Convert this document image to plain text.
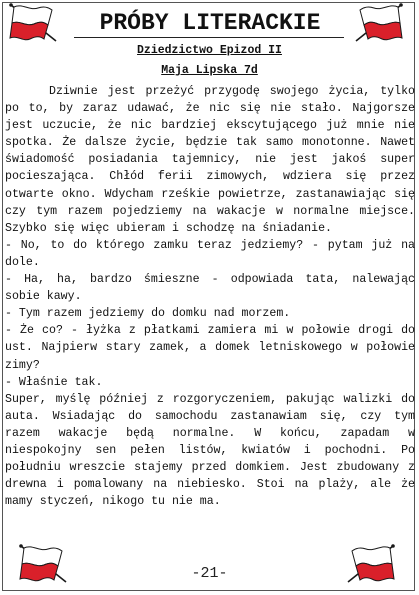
PRÓBY LITERACKIE
Dziedzictwo Epizod II
Maja Lipska 7d

Dziwnie jest przeżyć przygodę swojego życia, tylko po to, by zaraz udawać, że nic się nie stało. Najgorsze jest uczucie, że nic bardziej ekscytującego już mnie nie spotka. Że dalsze życie, będzie tak samo monotonne. Nawet świadomość posiadania tajemnicy, nie jest jakoś super pocieszająca. Chłód ferii zimowych, wdziera się przez otwarte okno. Wdycham rześkie powietrze, zastanawiając się czy tym razem pojedziemy na wakacje w normalne miejsce. Szybko się więc ubieram i schodzę na śniadanie.

- No, to do którego zamku teraz jedziemy? - pytam już na dole.

- Ha, ha, bardzo śmieszne - odpowiada tata, nalewając sobie kawy.

- Tym razem jedziemy do domku nad morzem.

- Że co? - łyżka z płatkami zamiera mi w połowie drogi do ust. Najpierw stary zamek, a domek letniskowego w połowie zimy?

- Właśnie tak.

Super, myślę później z rozgoryczeniem, pakując walizki do auta. Wsiadając do samochodu zastanawiam się, czy tym razem wakacje będą normalne. W końcu, zapadam w niespokojny sen pełen listów, kwiatów i pochodni. Po południu wreszcie stajemy przed domkiem. Jest zbudowany z drewna i pomalowany na niebiesko. Stoi na plaży, ale że mamy styczeń, nikogo tu nie ma.

-21-
